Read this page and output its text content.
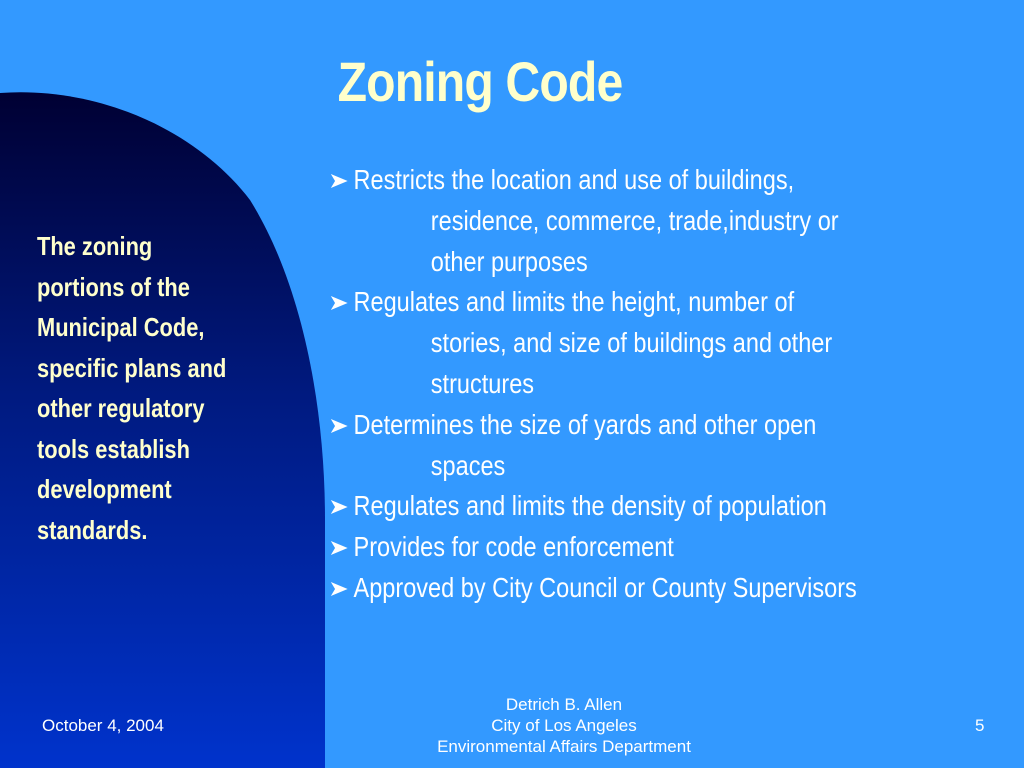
Zoning Code
The zoning
portions of the
Municipal Code,
specific plans and
other regulatory
tools establish
development
standards.
Restricts the location and use of buildings,
residence, commerce, trade,industry or
other purposes
Regulates and limits the height, number of
stories, and size of buildings and other
structures
Determines the size of yards and other open
spaces
Regulates and limits the density of population
Provides for code enforcement
Approved by City Council or County Supervisors
October 4, 2004
Detrich B. Allen
City of Los Angeles
Environmental Affairs Department
5
